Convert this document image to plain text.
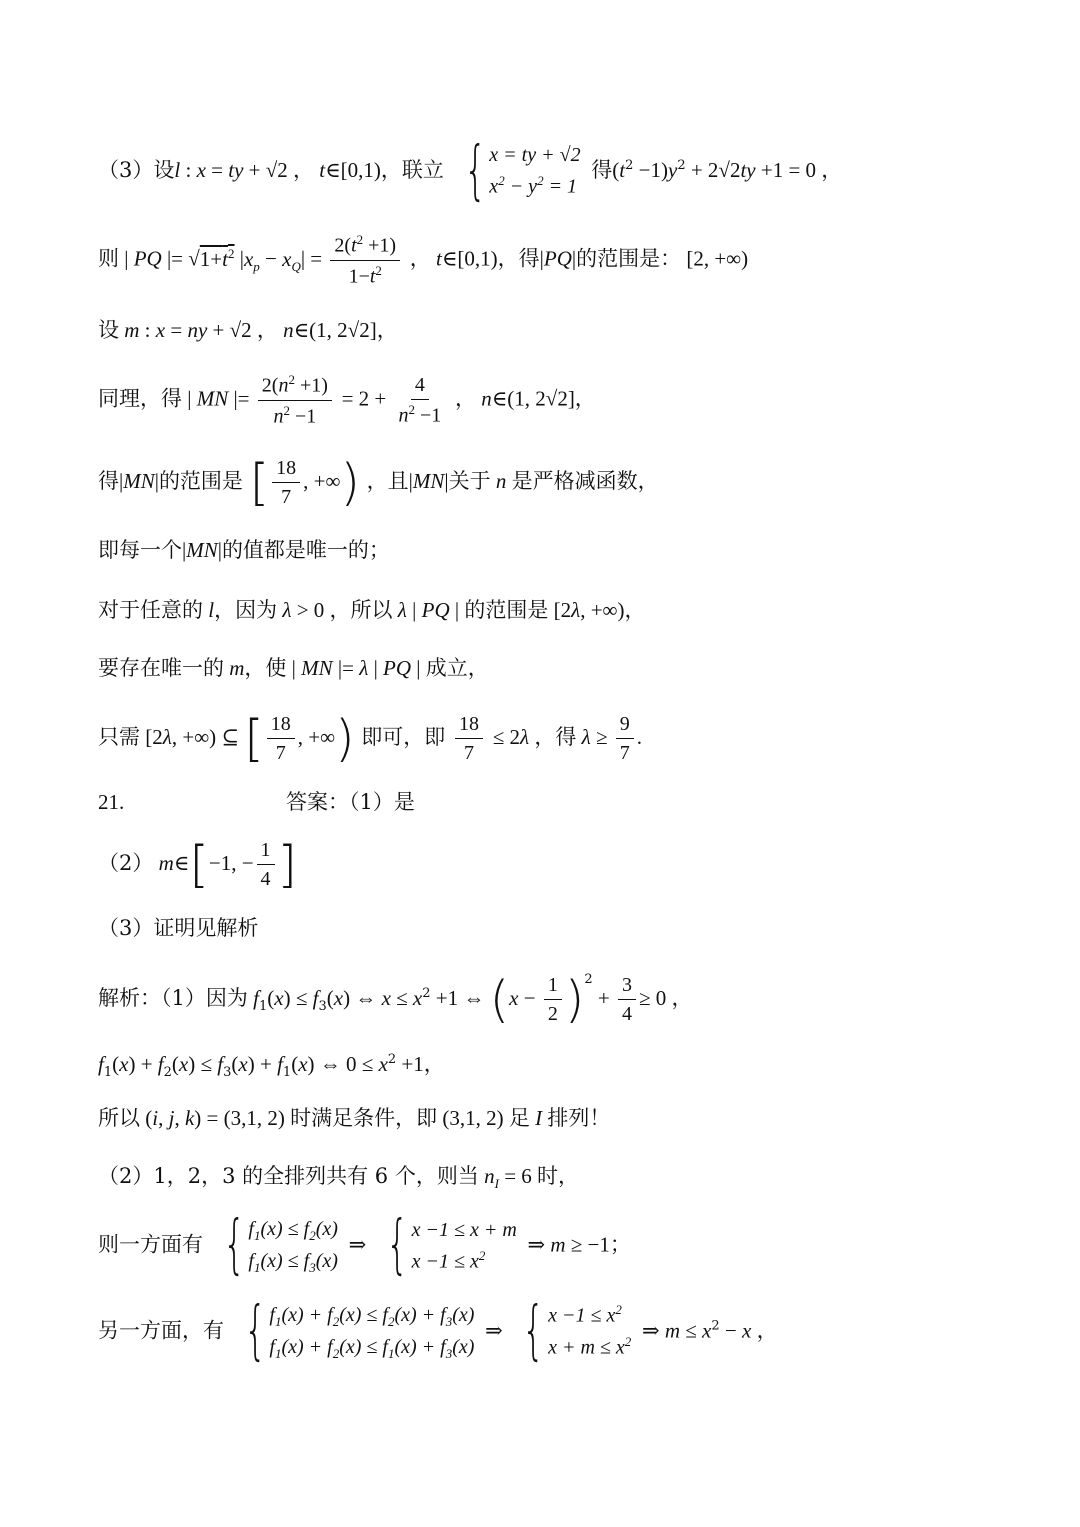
（3）设l : x = ty + √2 ， t∈[0,1)，联立 { x = ty + √2
$x^2 - y^2 = 1$
得$(t^2 -1)y^2 + 2√2ty +1 = 0$ ，
则 | PQ |= $√1+t^2$ $|x_p - x_Q| = \frac{2(t^2 +1)}{1-t^2}$ ， t∈[0,1)，得|PQ|的范围是： [2, +∞)
设 m : x = ny + √2 ， n∈(1, 2√2]，
同理，得 | MN |= $\frac{2(n^2 +1)}{n^2 -1} = 2 + \frac{4}{n^2 -1}$ ， n∈(1, 2√2]，
得|MN|的范围是 [ $\frac{18}{7}$ , +∞) ，且|MN|关于 n 是严格减函数，
即每一个|MN|的值都是唯一的；
对于任意的 l，因为 λ > 0 ，所以 λ | PQ | 的范围是 [2λ, +∞)，
要存在唯一的 m，使 | MN |= λ | PQ | 成立，
只需 [2λ, +∞) ⊆ [ $\frac{18}{7}$ , +∞) 即可，即 $\frac{18}{7} \le 2\lambda$ ，得 $\lambda \ge \frac{9}{7}$ .
21.	答案：（1）是
（2） m∈[−1, − $\frac{1}{4}$ ]
（3）证明见解析
解析：（1）因为 $f_1(x) \le f_3(x)$ ⇔ $x \le x^2 +1$ ⇔ $(x - \frac{1}{2} )^2 + \frac{3}{4} \ge 0$ ，
$f_1(x) + f_2(x) \le f_3(x) + f_1(x)$ ⇔ $0 \le x^2 +1$，
所以 (i, j, k) = (3,1, 2) 时满足条件，即 (3,1, 2) 足 I 排列！
（2）1，2，3 的全排列共有 6 个，则当 $n_I = 6$ 时，
则一方面有 { $f_1(x) \le f_2(x)$
$f_1(x) \le f_3(x)$
⇒ { x −1 ≤ x + m
$x -1 \le x^2$	⇒ m ≥ −1；
另一方面，有 { $f_1(x) + f_2(x) \le f_2(x) + f_3(x)$
$f_1(x) + f_2(x) \le f_1(x) + f_3(x)$
⇒ { $x -1 \le x^2$
$x + m \le x^2$ ⇒ $m \le x^2 - x$ ，
